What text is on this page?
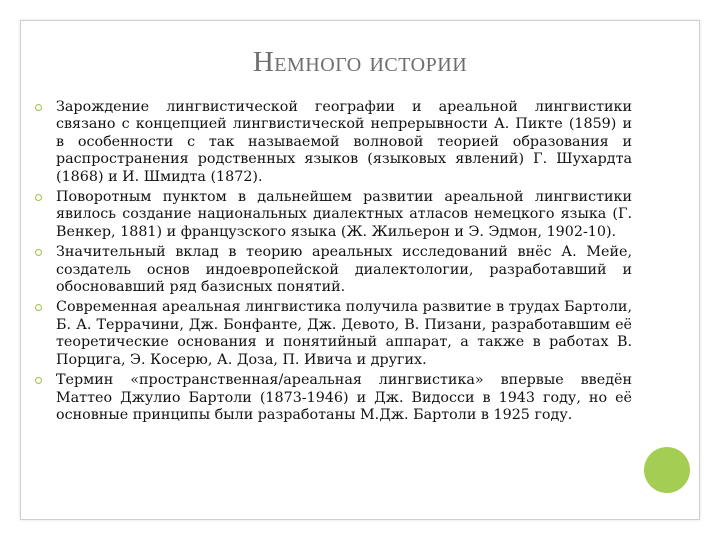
Немного истории
Зарождение лингвистической географии и ареальной лингвистики связано с концепцией лингвистической непрерывности А. Пикте (1859) и в особенности с так называемой волновой теорией образования и распространения родственных языков (языковых явлений) Г. Шухардта (1868) и И. Шмидта (1872).
Поворотным пунктом в дальнейшем развитии ареальной лингвистики явилось создание национальных диалектных атласов немецкого языка (Г. Венкер, 1881) и французского языка (Ж. Жильерон и Э. Эдмон, 1902-10).
Значительный вклад в теорию ареальных исследований внёс А. Мейе, создатель основ индоевропейской диалектологии, разработавший и обосновавший ряд базисных понятий.
Современная ареальная лингвистика получила развитие в трудах Бартоли, Б. А. Террачини, Дж. Бонфанте, Дж. Девото, В. Пизани, разработавшим её теоретические основания и понятийный аппарат, а также в работах В. Порцига, Э. Косерю, А. Доза, П. Ивича и других.
Термин «пространственная/ареальная лингвистика» впервые введён Маттео Джулио Бартоли (1873-1946) и Дж. Видосси в 1943 году, но её основные принципы были разработаны М.Дж. Бартоли в 1925 году.
